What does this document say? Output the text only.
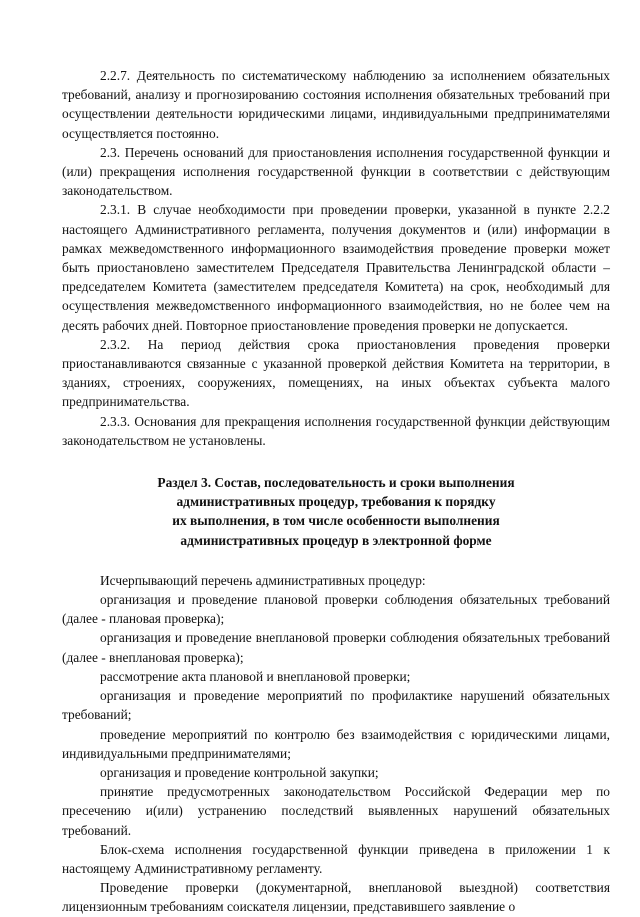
2.2.7. Деятельность по систематическому наблюдению за исполнением обязательных требований, анализу и прогнозированию состояния исполнения обязательных требований при осуществлении деятельности юридическими лицами, индивидуальными предпринимателями осуществляется постоянно.

2.3. Перечень оснований для приостановления исполнения государственной функции и (или) прекращения исполнения государственной функции в соответствии с действующим законодательством.

2.3.1. В случае необходимости при проведении проверки, указанной в пункте 2.2.2 настоящего Административного регламента, получения документов и (или) информации в рамках межведомственного информационного взаимодействия проведение проверки может быть приостановлено заместителем Председателя Правительства Ленинградской области – председателем Комитета (заместителем председателя Комитета) на срок, необходимый для осуществления межведомственного информационного взаимодействия, но не более чем на десять рабочих дней. Повторное приостановление проведения проверки не допускается.

2.3.2. На период действия срока приостановления проведения проверки приостанавливаются связанные с указанной проверкой действия Комитета на территории, в зданиях, строениях, сооружениях, помещениях, на иных объектах субъекта малого предпринимательства.

2.3.3. Основания для прекращения исполнения государственной функции действующим законодательством не установлены.

Раздел 3. Состав, последовательность и сроки выполнения
административных процедур, требования к порядку
их выполнения, в том числе особенности выполнения
административных процедур в электронной форме

Исчерпывающий перечень административных процедур:

организация и проведение плановой проверки соблюдения обязательных требований (далее - плановая проверка);

организация и проведение внеплановой проверки соблюдения обязательных требований (далее - внеплановая проверка);

рассмотрение акта плановой и внеплановой проверки;

организация и проведение мероприятий по профилактике нарушений обязательных требований;

проведение мероприятий по контролю без взаимодействия с юридическими лицами, индивидуальными предпринимателями;

организация и проведение контрольной закупки;

принятие предусмотренных законодательством Российской Федерации мер по пресечению и(или) устранению последствий выявленных нарушений обязательных требований.

Блок-схема исполнения государственной функции приведена в приложении 1 к настоящему Административному регламенту.

Проведение проверки (документарной, внеплановой выездной) соответствия лицензионным требованиям соискателя лицензии, представившего заявление о
